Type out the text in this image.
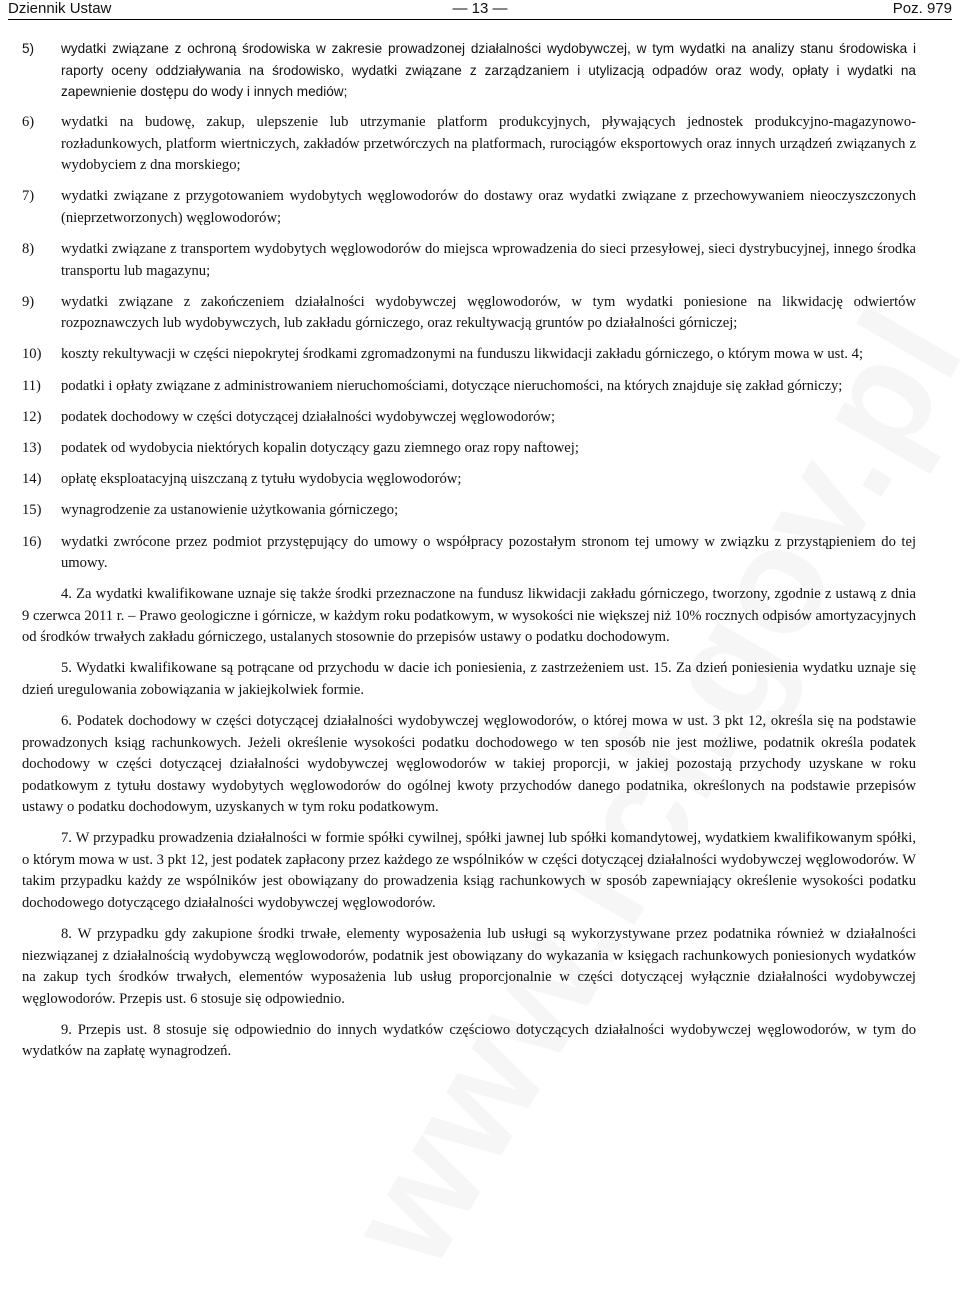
Dziennik Ustaw	— 13 —	Poz. 979
5) wydatki związane z ochroną środowiska w zakresie prowadzonej działalności wydobywczej, w tym wydatki na analizy stanu środowiska i raporty oceny oddziaływania na środowisko, wydatki związane z zarządzaniem i utylizacją odpadów oraz wody, opłaty i wydatki na zapewnienie dostępu do wody i innych mediów;
6) wydatki na budowę, zakup, ulepszenie lub utrzymanie platform produkcyjnych, pływających jednostek produkcyjno-magazynowo-rozładunkowych, platform wiertniczych, zakładów przetwórczych na platformach, rurociągów eksportowych oraz innych urządzeń związanych z wydobyciem z dna morskiego;
7) wydatki związane z przygotowaniem wydobytych węglowodorów do dostawy oraz wydatki związane z przechowywaniem nieoczyszczonych (nieprzetworzonych) węglowodorów;
8) wydatki związane z transportem wydobytych węglowodorów do miejsca wprowadzenia do sieci przesyłowej, sieci dystrybucyjnej, innego środka transportu lub magazynu;
9) wydatki związane z zakończeniem działalności wydobywczej węglowodorów, w tym wydatki poniesione na likwidację odwiertów rozpoznawczych lub wydobywczych, lub zakładu górniczego, oraz rekultywacją gruntów po działalności górniczej;
10) koszty rekultywacji w części niepokrytej środkami zgromadzonymi na funduszu likwidacji zakładu górniczego, o którym mowa w ust. 4;
11) podatki i opłaty związane z administrowaniem nieruchomościami, dotyczące nieruchomości, na których znajduje się zakład górniczy;
12) podatek dochodowy w części dotyczącej działalności wydobywczej węglowodorów;
13) podatek od wydobycia niektórych kopalin dotyczący gazu ziemnego oraz ropy naftowej;
14) opłatę eksploatacyjną uiszczaną z tytułu wydobycia węglowodorów;
15) wynagrodzenie za ustanowienie użytkowania górniczego;
16) wydatki zwrócone przez podmiot przystępujący do umowy o współpracy pozostałym stronom tej umowy w związku z przystąpieniem do tej umowy.

4. Za wydatki kwalifikowane uznaje się także środki przeznaczone na fundusz likwidacji zakładu górniczego, tworzony, zgodnie z ustawą z dnia 9 czerwca 2011 r. – Prawo geologiczne i górnicze, w każdym roku podatkowym, w wysokości nie większej niż 10% rocznych odpisów amortyzacyjnych od środków trwałych zakładu górniczego, ustalanych stosownie do przepisów ustawy o podatku dochodowym.

5. Wydatki kwalifikowane są potrącane od przychodu w dacie ich poniesienia, z zastrzeżeniem ust. 15. Za dzień poniesienia wydatku uznaje się dzień uregulowania zobowiązania w jakiejkolwiek formie.

6. Podatek dochodowy w części dotyczącej działalności wydobywczej węglowodorów, o której mowa w ust. 3 pkt 12, określa się na podstawie prowadzonych ksiąg rachunkowych. Jeżeli określenie wysokości podatku dochodowego w ten sposób nie jest możliwe, podatnik określa podatek dochodowy w części dotyczącej działalności wydobywczej węglowodorów w takiej proporcji, w jakiej pozostają przychody uzyskane w roku podatkowym z tytułu dostawy wydobytych węglowodorów do ogólnej kwoty przychodów danego podatnika, określonych na podstawie przepisów ustawy o podatku dochodowym, uzyskanych w tym roku podatkowym.

7. W przypadku prowadzenia działalności w formie spółki cywilnej, spółki jawnej lub spółki komandytowej, wydatkiem kwalifikowanym spółki, o którym mowa w ust. 3 pkt 12, jest podatek zapłacony przez każdego ze wspólników w części dotyczącej działalności wydobywczej węglowodorów. W takim przypadku każdy ze wspólników jest obowiązany do prowadzenia ksiąg rachunkowych w sposób zapewniający określenie wysokości podatku dochodowego dotyczącego działalności wydobywczej węglowodorów.

8. W przypadku gdy zakupione środki trwałe, elementy wyposażenia lub usługi są wykorzystywane przez podatnika również w działalności niezwiązanej z działalnością wydobywczą węglowodorów, podatnik jest obowiązany do wykazania w księgach rachunkowych poniesionych wydatków na zakup tych środków trwałych, elementów wyposażenia lub usług proporcjonalnie w części dotyczącej wyłącznie działalności wydobywczej węglowodorów. Przepis ust. 6 stosuje się odpowiednio.

9. Przepis ust. 8 stosuje się odpowiednio do innych wydatków częściowo dotyczących działalności wydobywczej węglowodorów, w tym do wydatków na zapłatę wynagrodzeń.
